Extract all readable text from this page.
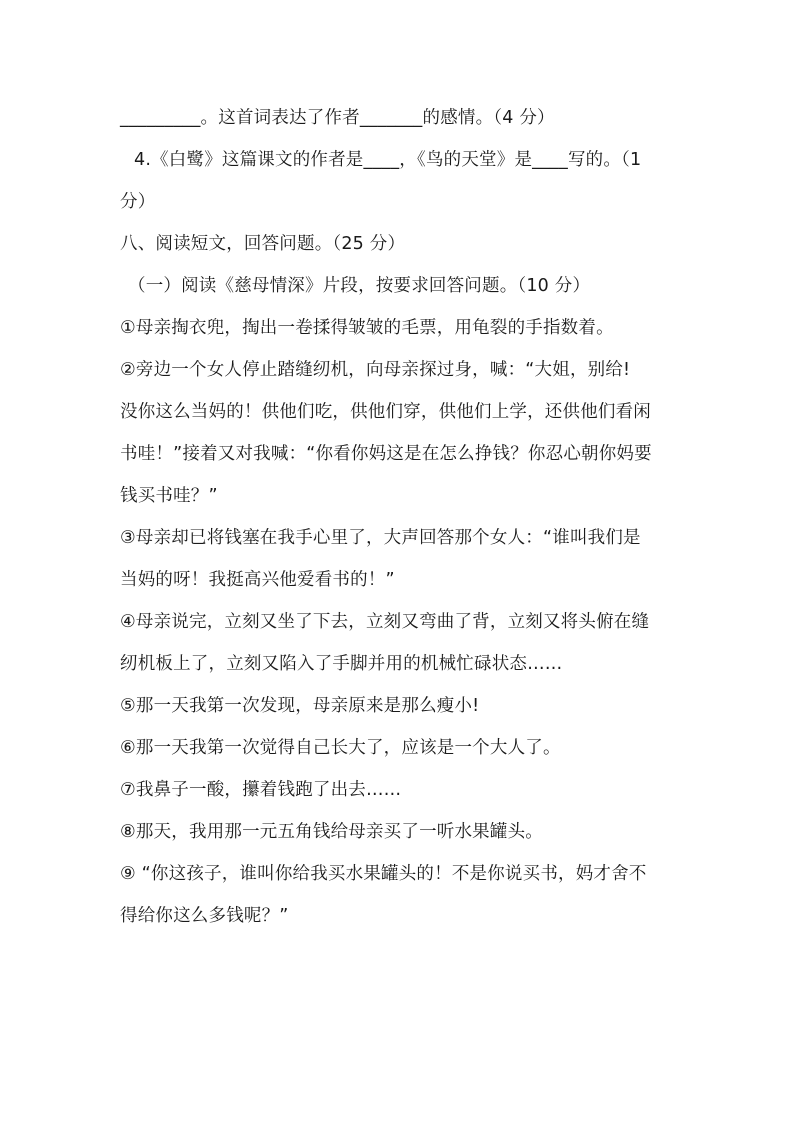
_________。这首词表达了作者_______的感情。（4 分）
4.《白鹭》这篇课文的作者是____，《鸟的天堂》是____写的。（1
分）
八、阅读短文，回答问题。（25 分）
（一）阅读《慈母情深》片段，按要求回答问题。（10 分）
①母亲掏衣兜，掏出一卷揉得皱皱的毛票，用龟裂的手指数着。
②旁边一个女人停止踏缝纫机，向母亲探过身，喊：“大姐，别给!
没你这么当妈的！供他们吃，供他们穿，供他们上学，还供他们看闲
书哇！”接着又对我喊：“你看你妈这是在怎么挣钱？你忍心朝你妈要
钱买书哇？”
③母亲却已将钱塞在我手心里了，大声回答那个女人：“谁叫我们是
当妈的呀！我挺高兴他爱看书的！”
④母亲说完，立刻又坐了下去，立刻又弯曲了背，立刻又将头俯在缝
纫机板上了，立刻又陷入了手脚并用的机械忙碌状态……
⑤那一天我第一次发现，母亲原来是那么瘦小!
⑥那一天我第一次觉得自己长大了，应该是一个大人了。
⑦我鼻子一酸，攥着钱跑了出去……
⑧那天，我用那一元五角钱给母亲买了一听水果罐头。
⑨ “你这孩子，谁叫你给我买水果罐头的！不是你说买书，妈才舍不
得给你这么多钱呢？”
